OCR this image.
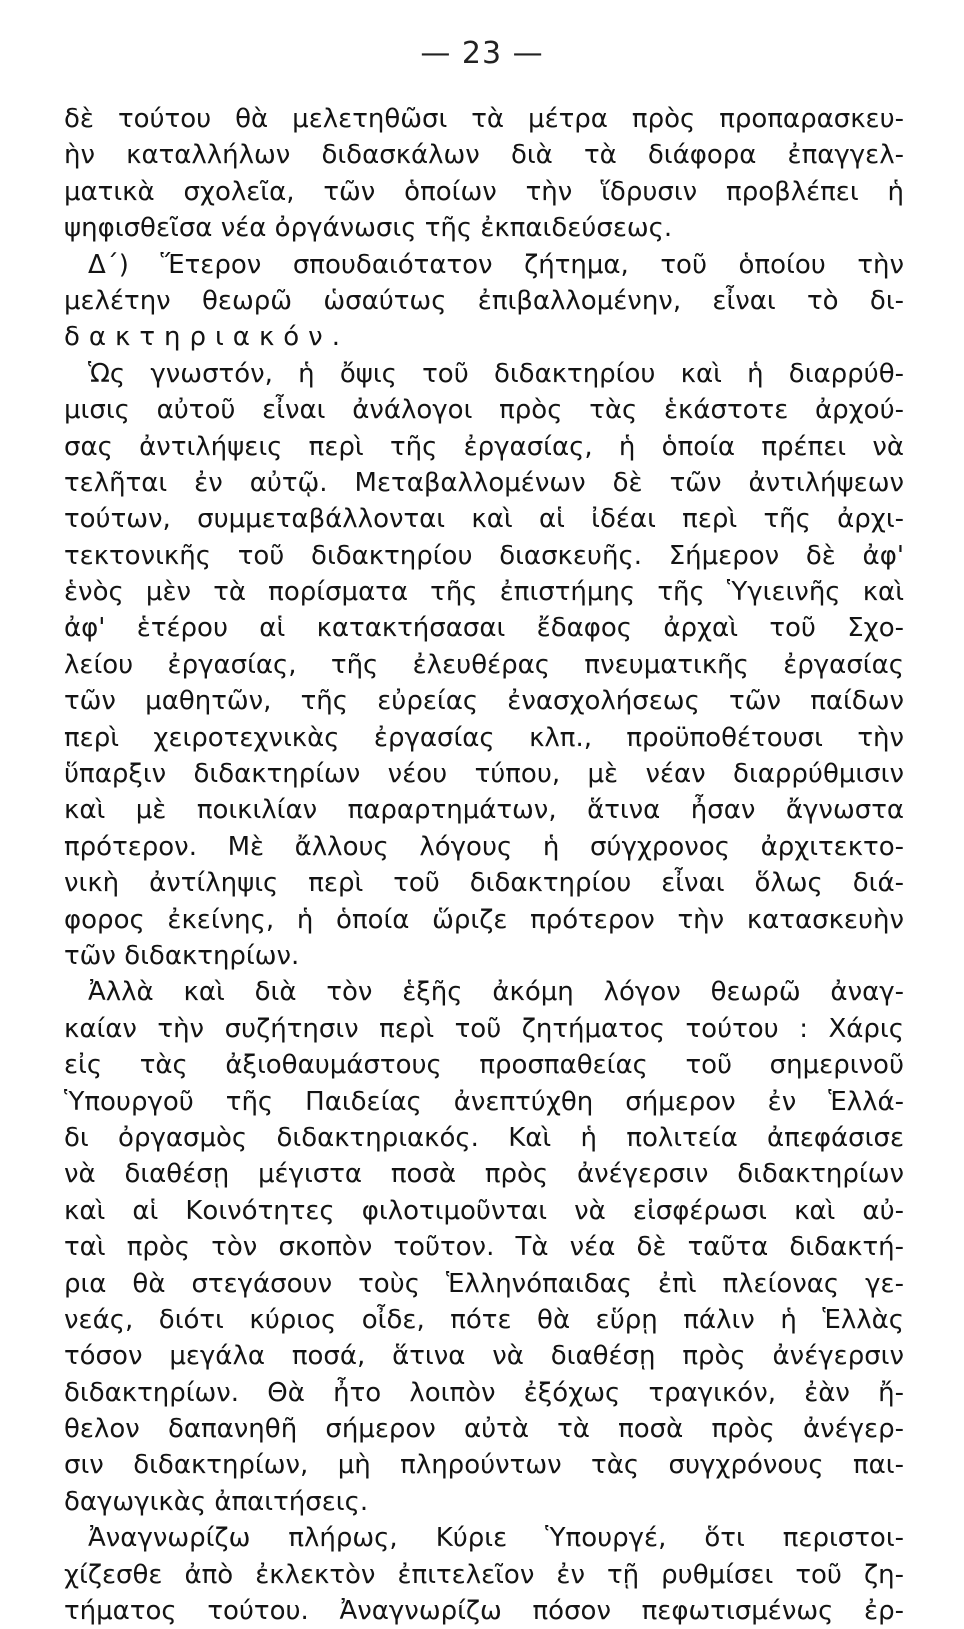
— 23 —
δὲ τούτου θὰ μελετηθῶσι τὰ μέτρα πρὸς προπαρασκευ-
ὴν καταλλήλων διδασκάλων διὰ τὰ διάφορα ἐπαγγελ-
ματικὰ σχολεῖα, τῶν ὁποίων τὴν ἵδρυσιν προβλέπει ἡ
ψηφισθεῖσα νέα ὀργάνωσις τῆς ἐκπαιδεύσεως.
Δ΄) Ἕτερον σπουδαιότατον ζήτημα, τοῦ ὁποίου τὴν
μελέτην θεωρῶ ὡσαύτως ἐπιβαλλομένην, εἶναι τὸ δι-
δακτηριακόν.
Ὡς γνωστόν, ἡ ὄψις τοῦ διδακτηρίου καὶ ἡ διαρρύθ-
μισις αὐτοῦ εἶναι ἀνάλογοι πρὸς τὰς ἑκάστοτε ἀρχού-
σας ἀντιλήψεις περὶ τῆς ἐργασίας, ἡ ὁποία πρέπει νὰ
τελῆται ἐν αὐτῷ. Μεταβαλλομένων δὲ τῶν ἀντιλήψεων
τούτων, συμμεταβάλλονται καὶ αἱ ἰδέαι περὶ τῆς ἀρχι-
τεκτονικῆς τοῦ διδακτηρίου διασκευῆς. Σήμερον δὲ ἀφ'
ἑνὸς μὲν τὰ πορίσματα τῆς ἐπιστήμης τῆς Ὑγιεινῆς καὶ
ἀφ' ἑτέρου αἱ κατακτήσασαι ἔδαφος ἀρχαὶ τοῦ Σχο-
λείου ἐργασίας, τῆς ἐλευθέρας πνευματικῆς ἐργασίας
τῶν μαθητῶν, τῆς εὐρείας ἐνασχολήσεως τῶν παίδων
περὶ χειροτεχνικὰς ἐργασίας κλπ., προϋποθέτουσι τὴν
ὕπαρξιν διδακτηρίων νέου τύπου, μὲ νέαν διαρρύθμισιν
καὶ μὲ ποικιλίαν παραρτημάτων, ἅτινα ἦσαν ἄγνωστα
πρότερον. Μὲ ἄλλους λόγους ἡ σύγχρονος ἀρχιτεκτο-
νικὴ ἀντίληψις περὶ τοῦ διδακτηρίου εἶναι ὅλως διά-
φορος ἐκείνης, ἡ ὁποία ὥριζε πρότερον τὴν κατασκευὴν
τῶν διδακτηρίων.
Ἀλλὰ καὶ διὰ τὸν ἑξῆς ἀκόμη λόγον θεωρῶ ἀναγ-
καίαν τὴν συζήτησιν περὶ τοῦ ζητήματος τούτου : Χάρις
εἰς τὰς ἀξιοθαυμάστους προσπαθείας τοῦ σημερινοῦ
Ὑπουργοῦ τῆς Παιδείας ἀνεπτύχθη σήμερον ἐν Ἑλλά-
δι ὀργασμὸς διδακτηριακός. Καὶ ἡ πολιτεία ἀπεφάσισε
νὰ διαθέσῃ μέγιστα ποσὰ πρὸς ἀνέγερσιν διδακτηρίων
καὶ αἱ Κοινότητες φιλοτιμοῦνται νὰ εἰσφέρωσι καὶ αὐ-
ταὶ πρὸς τὸν σκοπὸν τοῦτον. Τὰ νέα δὲ ταῦτα διδακτή-
ρια θὰ στεγάσουν τοὺς Ἑλληνόπαιδας ἐπὶ πλείονας γε-
νεάς, διότι κύριος οἶδε, πότε θὰ εὕρῃ πάλιν ἡ Ἑλλὰς
τόσον μεγάλα ποσά, ἅτινα νὰ διαθέσῃ πρὸς ἀνέγερσιν
διδακτηρίων. Θὰ ἦτο λοιπὸν ἐξόχως τραγικόν, ἐὰν ἤ-
θελον δαπανηθῆ σήμερον αὐτὰ τὰ ποσὰ πρὸς ἀνέγερ-
σιν διδακτηρίων, μὴ πληρούντων τὰς συγχρόνους παι-
δαγωγικὰς ἀπαιτήσεις.
Ἀναγνωρίζω πλήρως, Κύριε Ὑπουργέ, ὅτι περιστοι-
χίζεσθε ἀπὸ ἐκλεκτὸν ἐπιτελεῖον ἐν τῇ ρυθμίσει τοῦ ζη-
τήματος τούτου. Ἀναγνωρίζω πόσον πεφωτισμένως ἐρ-
